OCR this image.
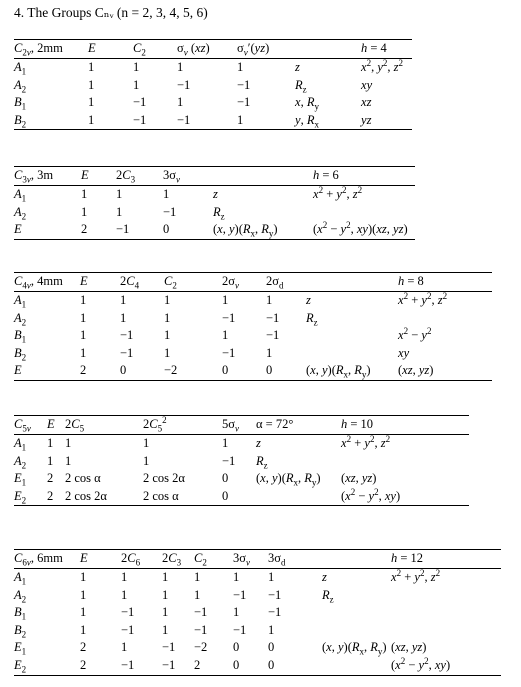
4. The Groups Cₙᵥ (n = 2, 3, 4, 5, 6)
$C_{2v}$, 2mm	E	$C_2$	$\sigma_v$ (xz)	$\sigma_v'(yz)$		h = 4
$A_1$	1	1	1	1	z	$x^2$, $y^2$, $z^2$
$A_2$	1	1	−1	−1	$R_z$	xy
$B_1$	1	−1	1	−1	x, $R_y$	xz
$B_2$	1	−1	−1	1	y, $R_x$	yz
$C_{3v}$, 3m	E	$2C_3$	$3\sigma_v$		h = 6
$A_1$	1	1	1	z	$x^2 + y^2$, $z^2$
$A_2$	1	1	−1	$R_z$	
E	2	−1	0	(x, $y)(R_x$, $R_y$)	($x^2 - y^2$, xy)(xz, yz)
$C_{4v}$, 4mm	E	$2C_4$	$C_2$	$2\sigma_v$	$2\sigma_d$		h = 8
$A_1$	1	1	1	1	1	z	$x^2 + y^2$, $z^2$
$A_2$	1	1	1	−1	−1	$R_z$	
$B_1$	1	−1	1	1	−1		$x^2 - y^2$
$B_2$	1	−1	1	−1	1		xy
E	2	0	−2	0	0	(x, $y)(R_x$, $R_y$)	(xz, yz)
$C_{5v}$	E	$2C_5$	$2C_5^2$	$5\sigma_v$	α = 72°	h = 10
$A_1$	1	1	1	1	z	$x^2 + y^2$, $z^2$
$A_2$	1	1	1	−1	$R_z$	
$E_1$	2	2 cos α	2 cos 2α	0	(x, $y)(R_x$, $R_y$)	(xz, yz)
$E_2$	2	2 cos 2α	2 cos α	0		($x^2 - y^2$, xy)
$C_{6v}$, 6mm	E	$2C_6$	$2C_3$	$C_2$	$3\sigma_v$	$3\sigma_d$		h = 12
$A_1$	1	1	1	1	1	1	z	$x^2 + y^2$, $z^2$
$A_2$	1	1	1	1	−1	−1	$R_z$	
$B_1$	1	−1	1	−1	1	−1		
$B_2$	1	−1	1	−1	−1	1		
$E_1$	2	1	−1	−2	0	0	(x, $y)(R_x$, $R_y$)	(xz, yz)
$E_2$	2	−1	−1	2	0	0		($x^2 - y^2$, xy)
